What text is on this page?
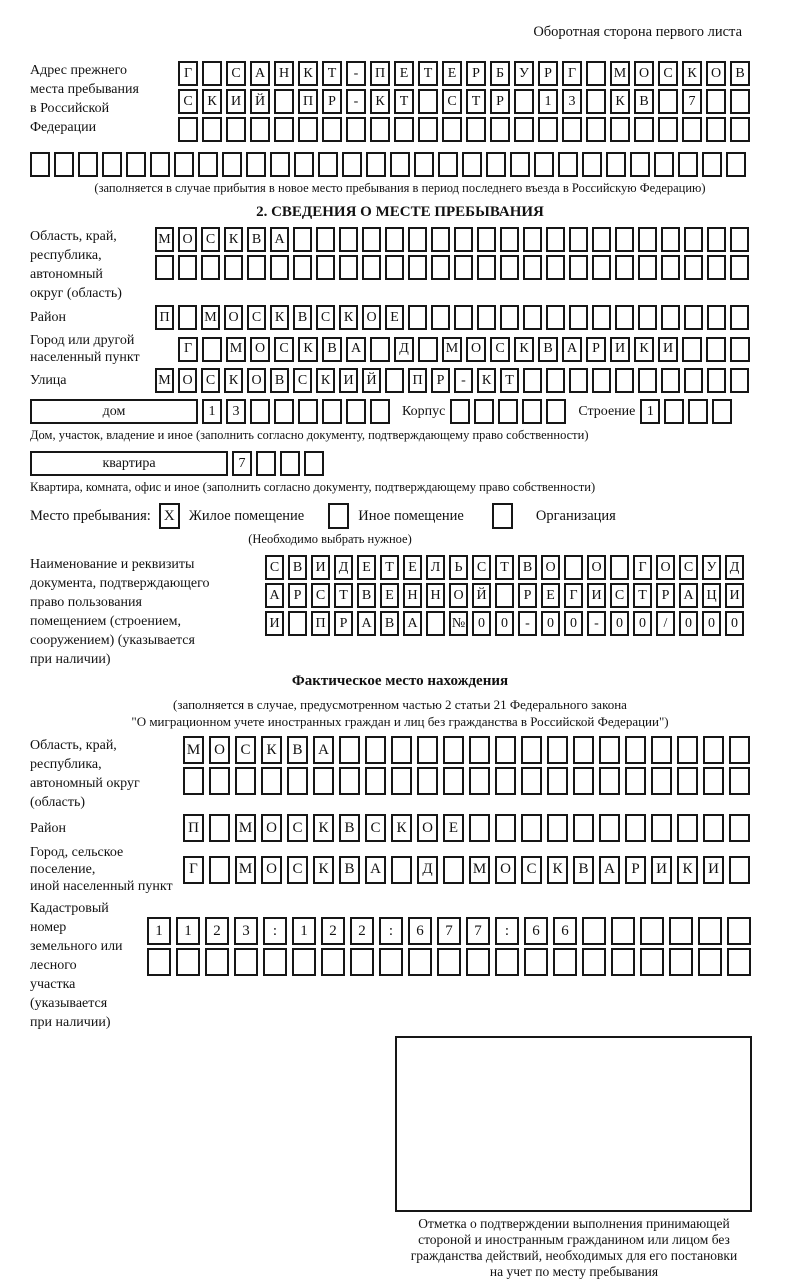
Оборотная сторона первого листа
Адрес прежнего
места пребывания
в Российской
Федерации
Г	С	А Н	К	Т	-	П	Е	Т	Е	Р	Б	У	Р	Г	М О	С	К	О	В
С	К	И Й	П	Р	-	К	Т	С	Т	Р	1	3	К	В	7
(заполняется в случае прибытия в новое место пребывания в период последнего въезда в Российскую Федерацию)
2. СВЕДЕНИЯ О МЕСТЕ ПРЕБЫВАНИЯ
Область, край,
республика,
автономный
округ (область)
М О С К В А
Район	П	М О С К В С К О Е
Город или другой
населенный пункт
Г	М О	С	К	В	А	Д	М О	С	К	В	А	Р	И	К	И
Улица	М О С К О В С К И Й	П	Р	-	К	Т
дом	1	3	Корпус	Строение 1
Дом, участок, владение и иное (заполнить согласно документу, подтверждающему право собственности)
квартира	7
Квартира, комната, офис и иное (заполнить согласно документу, подтверждающему право собственности)
Место пребывания: X Жилое помещение	Иное помещение	Организация
(Необходимо выбрать нужное)
Наименование и реквизиты
документа, подтверждающего
право пользования
помещением (строением,
сооружением) (указывается
при наличии)
С В И Д Е	Т	Е Л	Ь	С	Т	В О	О	Г О С У Д
А	Р	С	Т	В	Е Н Н О Й	Р	Е	Г И С	Т	Р	А Ц И
И	П	Р	А В А	№ 0	0	-	0	0	-	0	0	/	0	0	0
Фактическое место нахождения
(заполняется в случае, предусмотренном частью 2 статьи 21 Федерального закона
"О миграционном учете иностранных граждан и лиц без гражданства в Российской Федерации")
Область, край,
республика,
автономный округ
(область)
М О	С	К	В	А
Район	П	М О	С	К	В	С	К	О	Е
Город, сельское поселение,
иной населенный пункт
Г	М О	С	К	В	А	Д	М О	С	К	В	А	Р	И	К	И
Кадастровый номер
земельного или лесного
участка (указывается
при наличии)
1	1	2	3	:	1	2	2	:	6	7	7	:	6	6
Отметка о подтверждении выполнения принимающей
стороной и иностранным гражданином или лицом без
гражданства действий, необходимых для его постановки
на учет по месту пребывания
